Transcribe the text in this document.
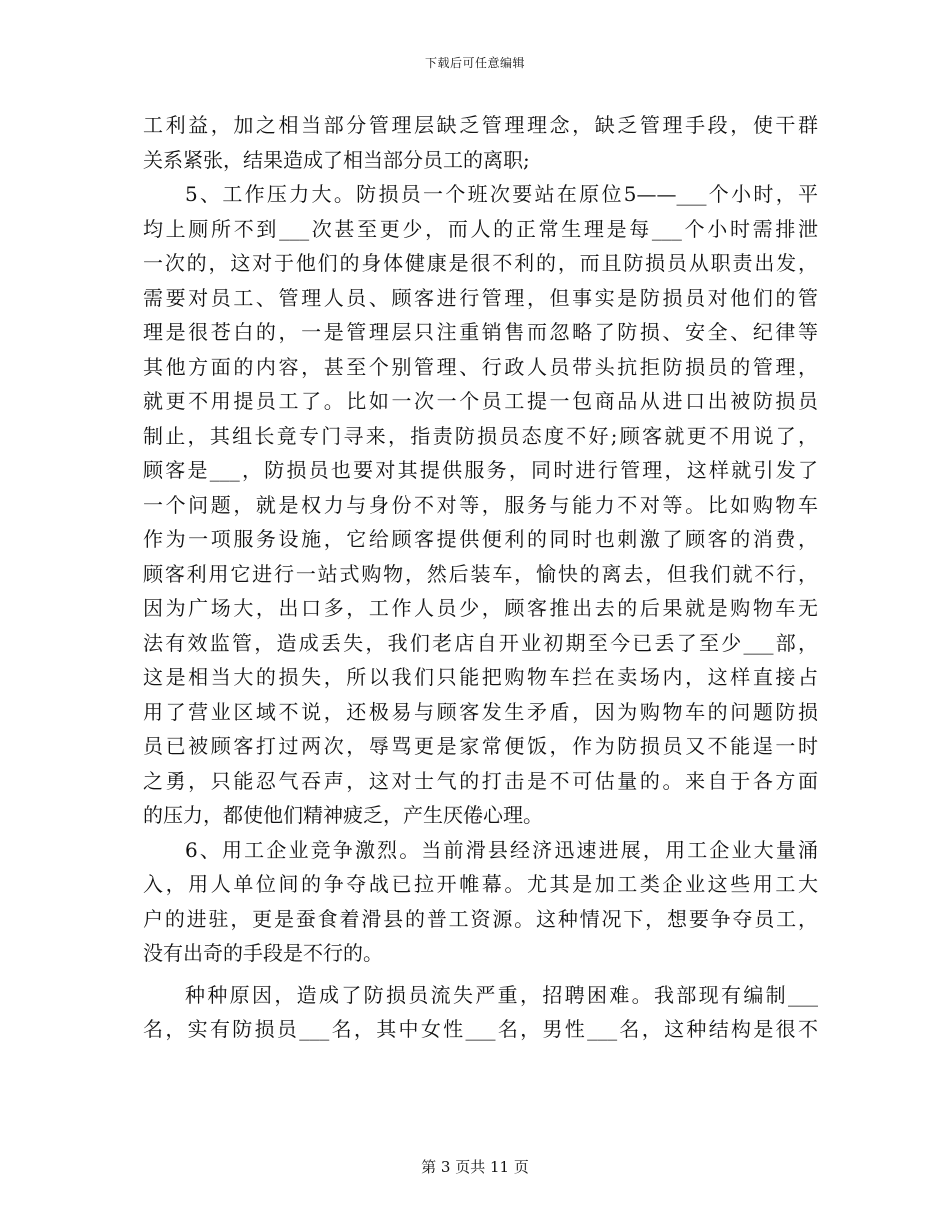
下载后可任意编辑
工利益，加之相当部分管理层缺乏管理理念，缺乏管理手段，使干群
关系紧张，结果造成了相当部分员工的离职;
5、工作压力大。防损员一个班次要站在原位5——___个小时，平
均上厕所不到___次甚至更少，而人的正常生理是每___个小时需排泄
一次的，这对于他们的身体健康是很不利的，而且防损员从职责出发，
需要对员工、管理人员、顾客进行管理，但事实是防损员对他们的管
理是很苍白的，一是管理层只注重销售而忽略了防损、安全、纪律等
其他方面的内容，甚至个别管理、行政人员带头抗拒防损员的管理，
就更不用提员工了。比如一次一个员工提一包商品从进口出被防损员
制止，其组长竟专门寻来，指责防损员态度不好;顾客就更不用说了，
顾客是___，防损员也要对其提供服务，同时进行管理，这样就引发了
一个问题，就是权力与身份不对等，服务与能力不对等。比如购物车
作为一项服务设施，它给顾客提供便利的同时也刺激了顾客的消费，
顾客利用它进行一站式购物，然后装车，愉快的离去，但我们就不行，
因为广场大，出口多，工作人员少，顾客推出去的后果就是购物车无
法有效监管，造成丢失，我们老店自开业初期至今已丢了至少___部，
这是相当大的损失，所以我们只能把购物车拦在卖场内，这样直接占
用了营业区域不说，还极易与顾客发生矛盾，因为购物车的问题防损
员已被顾客打过两次，辱骂更是家常便饭，作为防损员又不能逞一时
之勇，只能忍气吞声，这对士气的打击是不可估量的。来自于各方面
的压力，都使他们精神疲乏，产生厌倦心理。
6、用工企业竞争激烈。当前滑县经济迅速进展，用工企业大量涌
入，用人单位间的争夺战已拉开帷幕。尤其是加工类企业这些用工大
户的进驻，更是蚕食着滑县的普工资源。这种情况下，想要争夺员工，
没有出奇的手段是不行的。
种种原因，造成了防损员流失严重，招聘困难。我部现有编制___
名，实有防损员___名，其中女性___名，男性___名，这种结构是很不
第 3 页共 11 页
